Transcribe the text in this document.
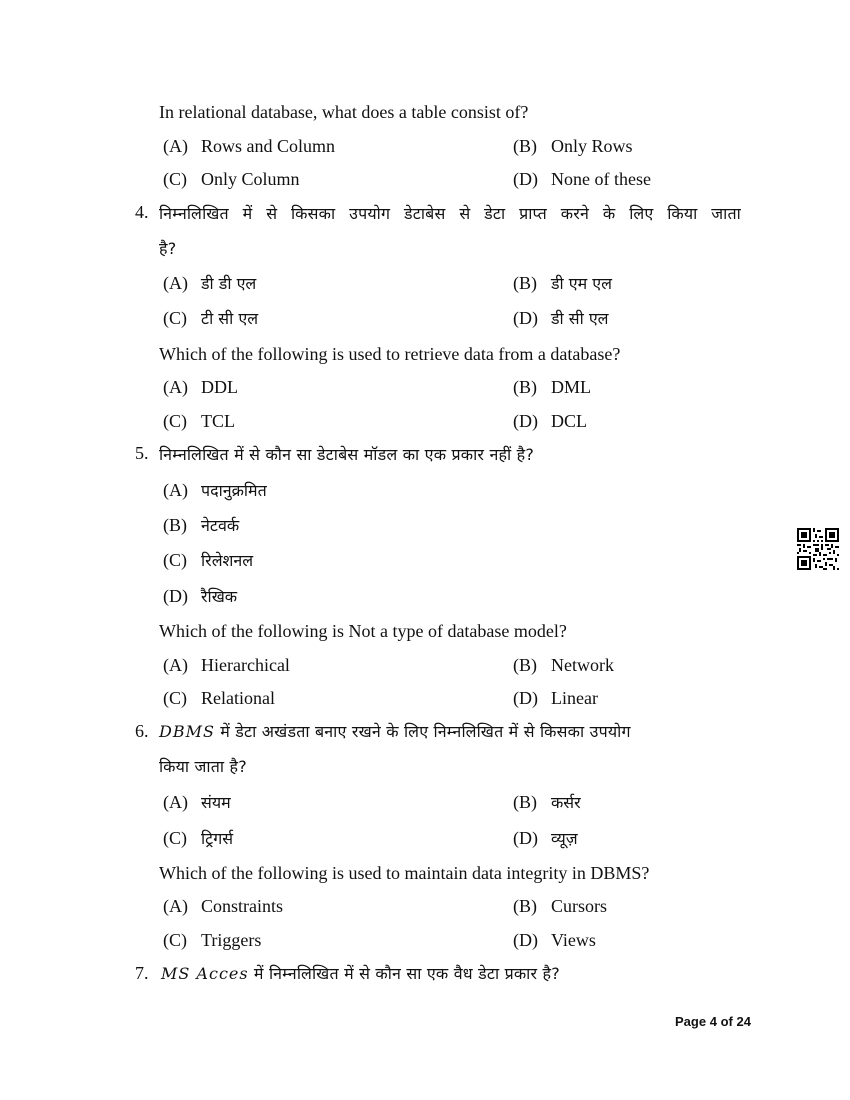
In relational database, what does a table consist of?
(A) Rows and Column	(B) Only Rows
(C) Only Column	(D) None of these
4. निम्नलिखित में से किसका उपयोग डेटाबेस से डेटा प्राप्त करने के लिए किया जाता
है?
(A) डी डी एल	(B) डी एम एल
(C) टी सी एल	(D) डी सी एल
Which of the following is used to retrieve data from a database?
(A) DDL	(B) DML
(C) TCL	(D) DCL
5. निम्नलिखित में से कौन सा डेटाबेस मॉडल का एक प्रकार नहीं है?
(A) पदानुक्रमित
(B) नेटवर्क
(C) रिलेशनल
(D) रैखिक
Which of the following is Not a type of database model?
(A) Hierarchical	(B) Network
(C) Relational	(D) Linear
6. DBMS में डेटा अखंडता बनाए रखने के लिए निम्नलिखित में से किसका उपयोग
किया जाता है?
(A) संयम	(B) कर्सर
(C) ट्रिगर्स	(D) व्यूज़
Which of the following is used to maintain data integrity in DBMS?
(A) Constraints	(B) Cursors
(C) Triggers	(D) Views
7. MS Acces में निम्नलिखित में से कौन सा एक वैध डेटा प्रकार है?
Page 4 of 24
